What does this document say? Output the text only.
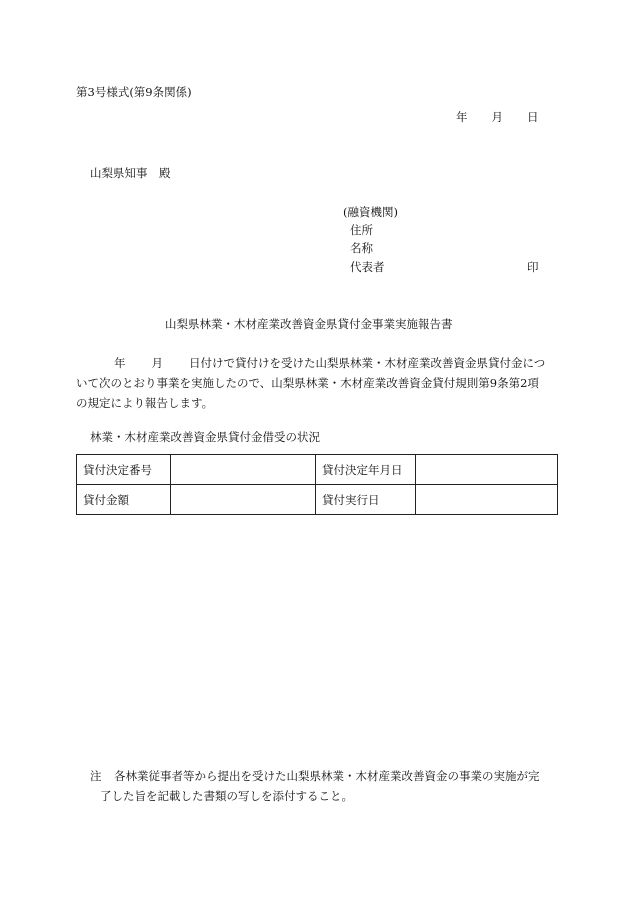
第3号様式(第9条関係)
年 月 日
山梨県知事　殿
(融資機関)
住所
名称
代表者	印
山梨県林業・木材産業改善資金県貸付金事業実施報告書
年 月 日付けで貸付けを受けた山梨県林業・木材産業改善資金県貸付金につ
いて次のとおり事業を実施したので、山梨県林業・木材産業改善資金貸付規則第9条第2項
の規定により報告します。
林業・木材産業改善資金県貸付金借受の状況
貸付決定番号		貸付決定年月日	
貸付金額		貸付実行日	
注 各林業従事者等から提出を受けた山梨県林業・木材産業改善資金の事業の実施が完
了した旨を記載した書類の写しを添付すること。
